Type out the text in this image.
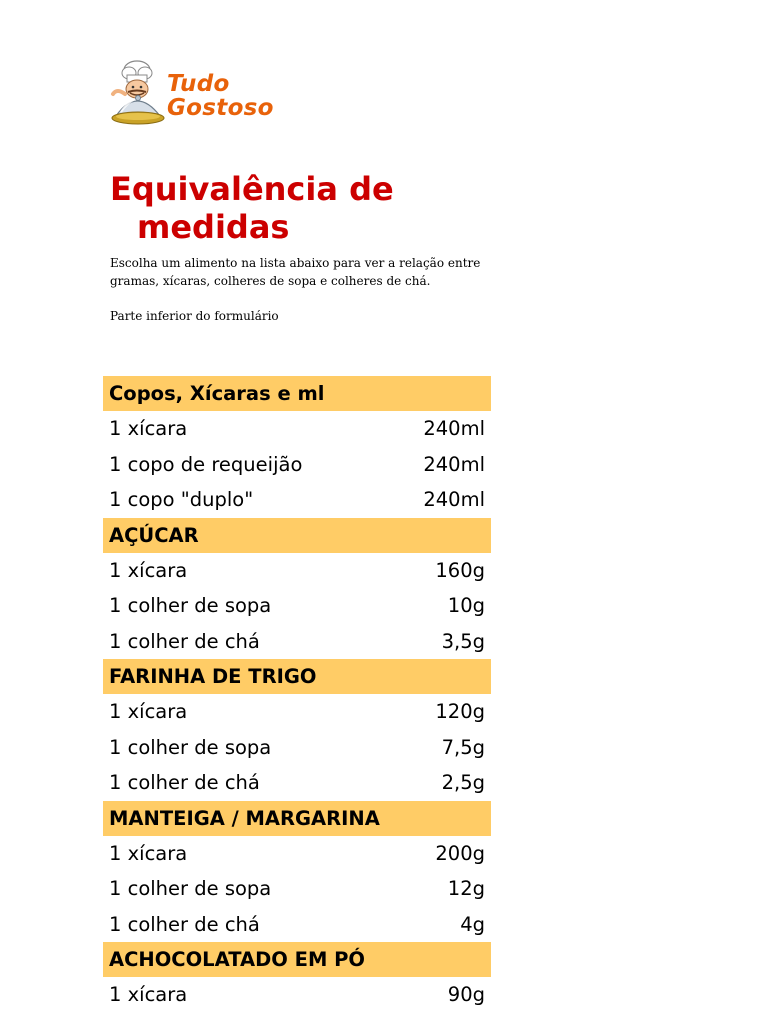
Tudo
Gostoso
Equivalência de
medidas

Escolha um alimento na lista abaixo para ver a relação entre gramas, xícaras, colheres de sopa e colheres de chá.

Parte inferior do formulário

Copos, Xícaras e ml
1 xícara	240ml
1 copo de requeijão	240ml
1 copo "duplo"	240ml
AÇÚCAR
1 xícara	160g
1 colher de sopa	10g
1 colher de chá	3,5g
FARINHA DE TRIGO
1 xícara	120g
1 colher de sopa	7,5g
1 colher de chá	2,5g
MANTEIGA / MARGARINA
1 xícara	200g
1 colher de sopa	12g
1 colher de chá	4g
ACHOCOLATADO EM PÓ
1 xícara	90g
